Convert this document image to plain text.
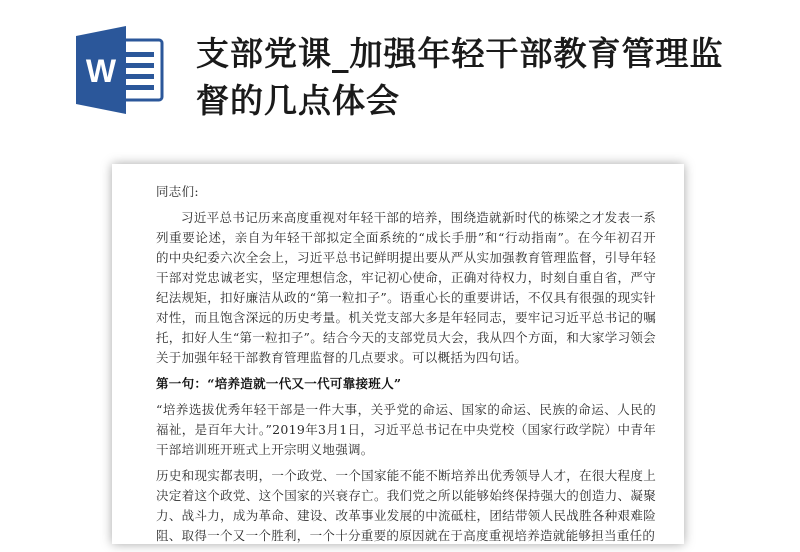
W 支部党课_加强年轻干部教育管理监督的几点体会

同志们:

习近平总书记历来高度重视对年轻干部的培养，围绕造就新时代的栋梁之才发表一系列重要论述，亲自为年轻干部拟定全面系统的“成长手册”和“行动指南”。在今年初召开的中央纪委六次全会上，习近平总书记鲜明提出要从严从实加强教育管理监督，引导年轻干部对党忠诚老实，坚定理想信念，牢记初心使命，正确对待权力，时刻自重自省，严守纪法规矩，扣好廉洁从政的“第一粒扣子”。语重心长的重要讲话，不仅具有很强的现实针对性，而且饱含深远的历史考量。机关党支部大多是年轻同志，要牢记习近平总书记的嘱托，扣好人生“第一粒扣子”。结合今天的支部党员大会，我从四个方面，和大家学习领会关于加强年轻干部教育管理监督的几点要求。可以概括为四句话。

第一句：“培养造就一代又一代可靠接班人”

“培养选拔优秀年轻干部是一件大事，关乎党的命运、国家的命运、民族的命运、人民的福祉，是百年大计。”2019年3月1日，习近平总书记在中央党校（国家行政学院）中青年干部培训班开班式上开宗明义地强调。

历史和现实都表明，一个政党、一个国家能不能不断培养出优秀领导人才，在很大程度上决定着这个政党、这个国家的兴衰存亡。我们党之所以能够始终保持强大的创造力、凝聚力、战斗力，成为革命、建设、改革事业发展的中流砥柱，团结带领人民战胜各种艰难险阻、取得一个又一个胜利，一个十分重要的原因就在于高度重视培养造就能够担当重任的
